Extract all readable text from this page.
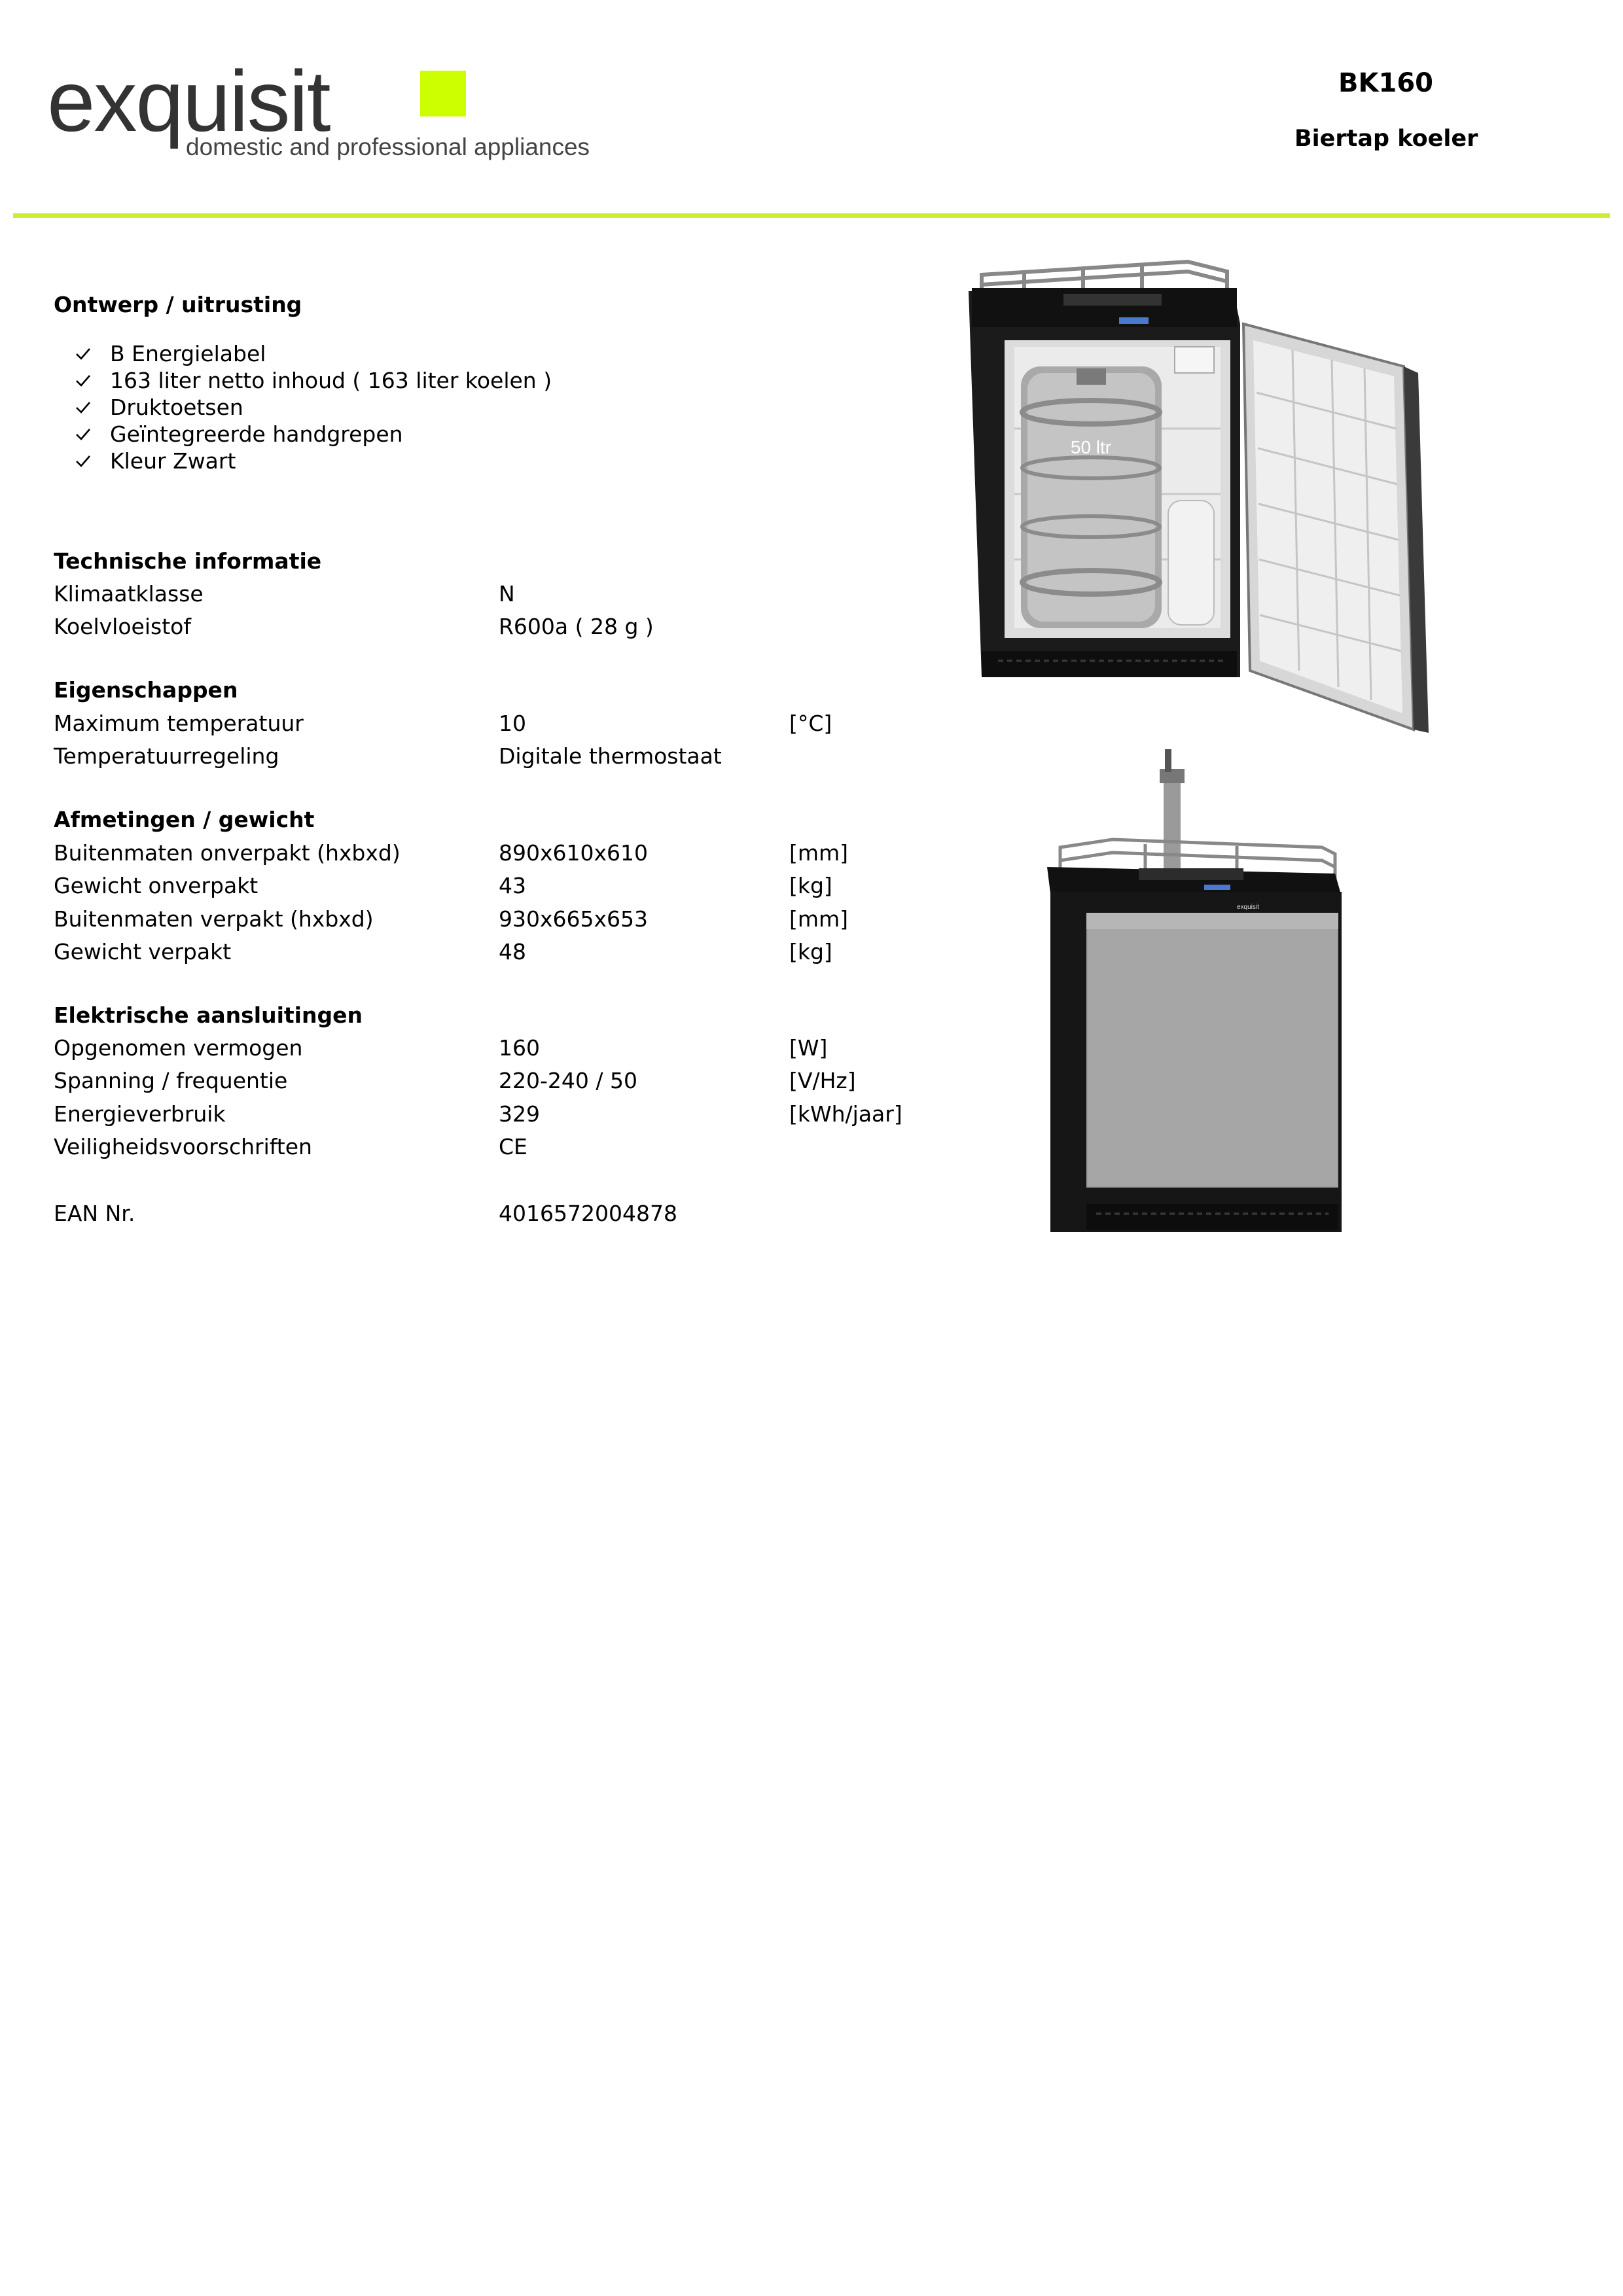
exquisit
domestic and professional appliances
BK160
Biertap koeler
Ontwerp / uitrusting
B Energielabel
163 liter netto inhoud ( 163 liter koelen )
Druktoetsen
Geïntegreerde handgrepen
Kleur Zwart
Technische informatie
Klimaatklasse	N
Koelvloeistof	R600a ( 28 g )
Eigenschappen
Maximum temperatuur	10	[°C]
Temperatuurregeling	Digitale thermostaat
Afmetingen / gewicht
Buitenmaten onverpakt (hxbxd)	890x610x610	[mm]
Gewicht onverpakt	43	[kg]
Buitenmaten verpakt (hxbxd)	930x665x653	[mm]
Gewicht verpakt	48	[kg]
Elektrische aansluitingen
Opgenomen vermogen	160	[W]
Spanning / frequentie	220-240 / 50	[V/Hz]
Energieverbruik	329	[kWh/jaar]
Veiligheidsvoorschriften	CE
EAN Nr.	4016572004878
50 ltr
exquisit
